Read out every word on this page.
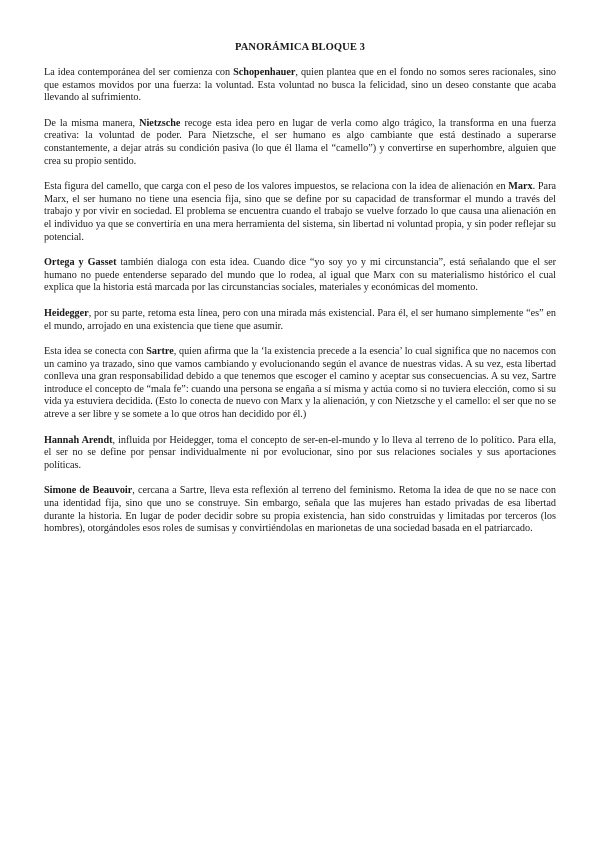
PANORÁMICA BLOQUE 3

La idea contemporánea del ser comienza con Schopenhauer, quien plantea que en el fondo no somos seres racionales, sino que estamos movidos por una fuerza: la voluntad. Esta voluntad no busca la felicidad, sino un deseo constante que acaba llevando al sufrimiento.

De la misma manera, Nietzsche recoge esta idea pero en lugar de verla como algo trágico, la transforma en una fuerza creativa: la voluntad de poder. Para Nietzsche, el ser humano es algo cambiante que está destinado a superarse constantemente, a dejar atrás su condición pasiva (lo que él llama el “camello”) y convertirse en superhombre, alguien que crea su propio sentido.

Esta figura del camello, que carga con el peso de los valores impuestos, se relaciona con la idea de alienación en Marx. Para Marx, el ser humano no tiene una esencia fija, sino que se define por su capacidad de transformar el mundo a través del trabajo y por vivir en sociedad. El problema se encuentra cuando el trabajo se vuelve forzado lo que causa una alienación en el individuo ya que se convertiría en una mera herramienta del sistema, sin libertad ni voluntad propia, y sin poder reflejar su potencial.

Ortega y Gasset también dialoga con esta idea. Cuando dice “yo soy yo y mi circunstancia”, está señalando que el ser humano no puede entenderse separado del mundo que lo rodea, al igual que Marx con su materialismo histórico el cual explica que la historia está marcada por las circunstancias sociales, materiales y económicas del momento.

Heidegger, por su parte, retoma esta línea, pero con una mirada más existencial. Para él, el ser humano simplemente “es” en el mundo, arrojado en una existencia que tiene que asumir.

Esta idea se conecta con Sartre, quien afirma que la ‘la existencia precede a la esencia’ lo cual significa que no nacemos con un camino ya trazado, sino que vamos cambiando y evolucionando según el avance de nuestras vidas. A su vez, esta libertad conlleva una gran responsabilidad debido a que tenemos que escoger el camino y aceptar sus consecuencias. A su vez, Sartre introduce el concepto de “mala fe”: cuando una persona se engaña a sí misma y actúa como si no tuviera elección, como si su vida ya estuviera decidida. (Esto lo conecta de nuevo con Marx y la alienación, y con Nietzsche y el camello: el ser que no se atreve a ser libre y se somete a lo que otros han decidido por él.)

Hannah Arendt, influida por Heidegger, toma el concepto de ser-en-el-mundo y lo lleva al terreno de lo político. Para ella, el ser no se define por pensar individualmente ni por evolucionar, sino por sus relaciones sociales y sus aportaciones políticas.

Simone de Beauvoir, cercana a Sartre, lleva esta reflexión al terreno del feminismo. Retoma la idea de que no se nace con una identidad fija, sino que uno se construye. Sin embargo, señala que las mujeres han estado privadas de esa libertad durante la historia. En lugar de poder decidir sobre su propia existencia, han sido construidas y limitadas por terceros (los hombres), otorgándoles esos roles de sumisas y convirtiéndolas en marionetas de una sociedad basada en el patriarcado.
